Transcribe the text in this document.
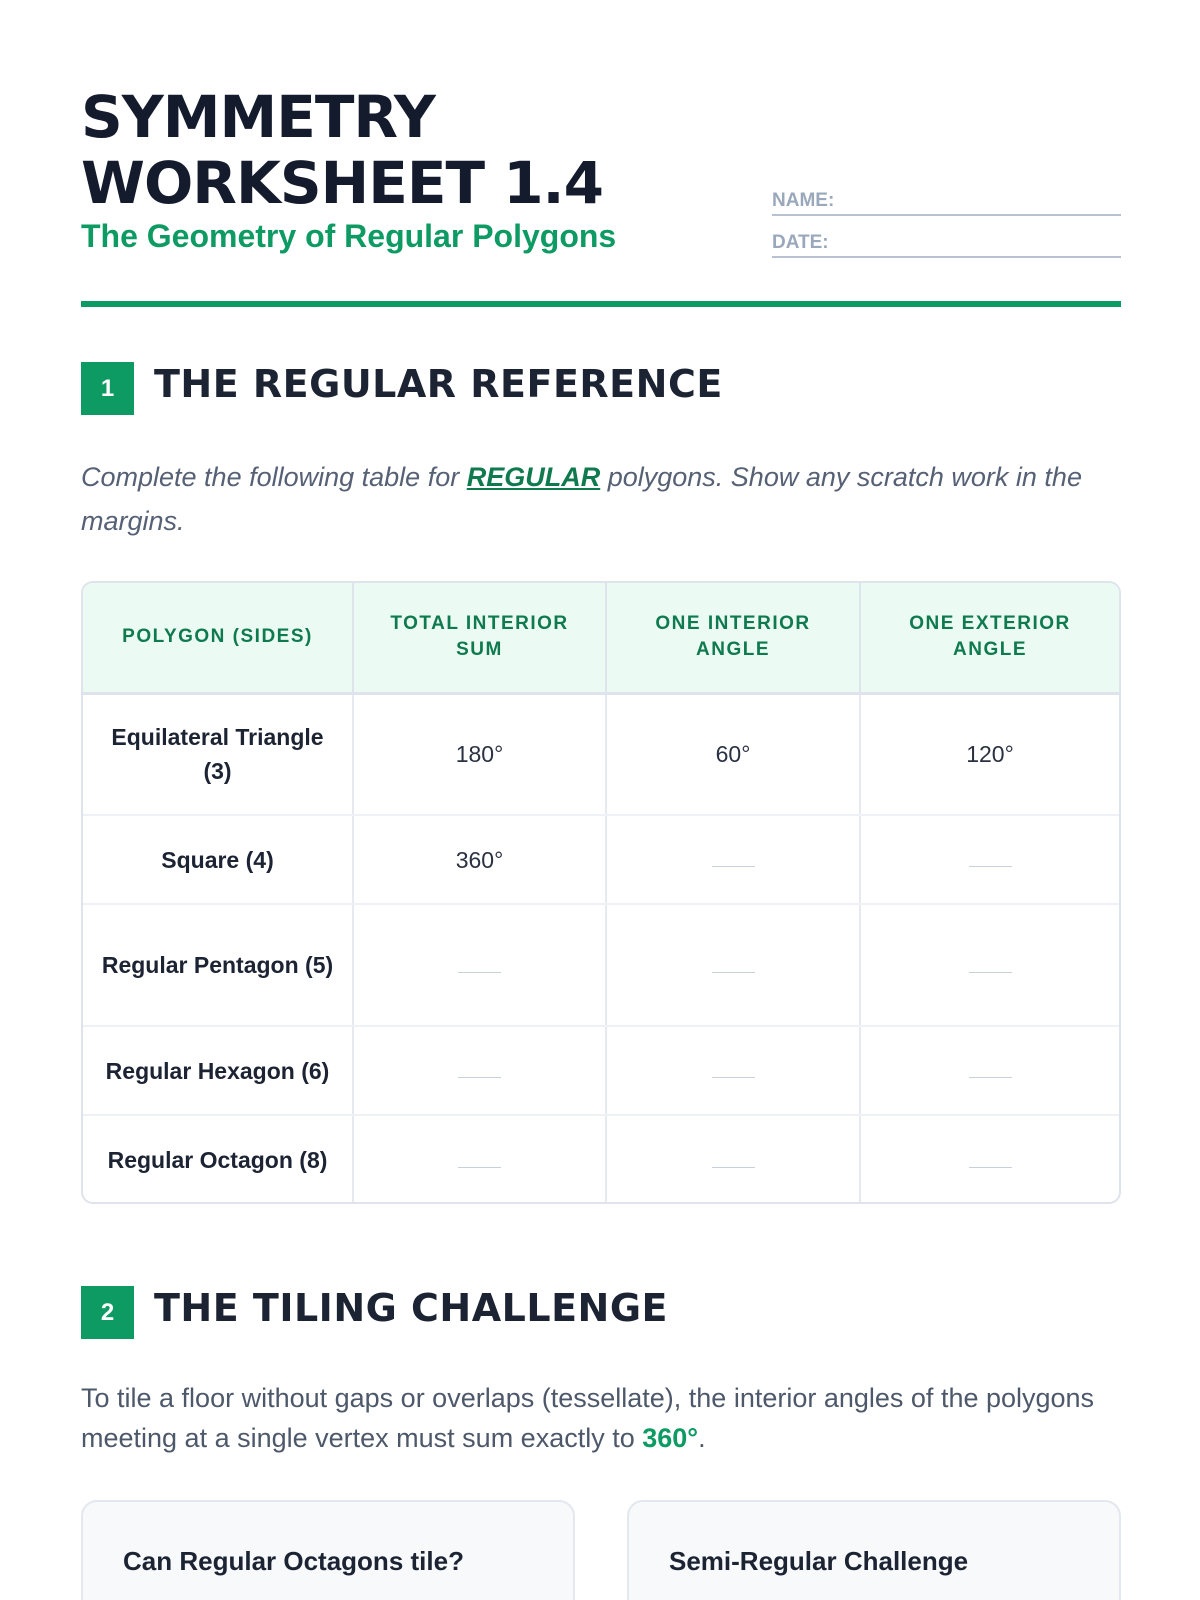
SYMMETRY
WORKSHEET 1.4
The Geometry of Regular Polygons
NAME:
DATE:
1	THE REGULAR REFERENCE

Complete the following table for REGULAR polygons. Show any scratch work in the margins.

POLYGON (SIDES)	TOTAL INTERIOR SUM	ONE INTERIOR ANGLE	ONE EXTERIOR ANGLE
Equilateral Triangle (3)	180°	60°	120°
Square (4)	360°		
Regular Pentagon (5)			
Regular Hexagon (6)			
Regular Octagon (8)			
2	THE TILING CHALLENGE

To tile a floor without gaps or overlaps (tessellate), the interior angles of the polygons meeting at a single vertex must sum exactly to 360°.

Can Regular Octagons tile?	Semi-Regular Challenge
